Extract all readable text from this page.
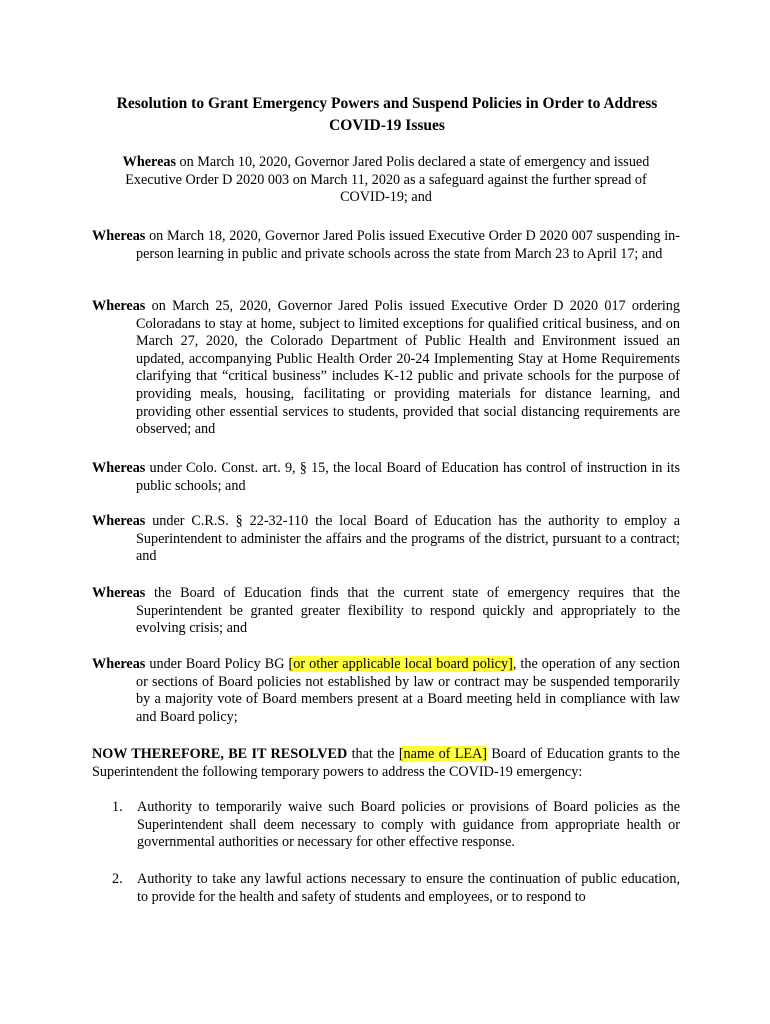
Resolution to Grant Emergency Powers and Suspend Policies in Order to Address COVID-19 Issues
Whereas on March 10, 2020, Governor Jared Polis declared a state of emergency and issued Executive Order D 2020 003 on March 11, 2020 as a safeguard against the further spread of COVID-19; and
Whereas on March 18, 2020, Governor Jared Polis issued Executive Order D 2020 007 suspending in-person learning in public and private schools across the state from March 23 to April 17; and
Whereas on March 25, 2020, Governor Jared Polis issued Executive Order D 2020 017 ordering Coloradans to stay at home, subject to limited exceptions for qualified critical business, and on March 27, 2020, the Colorado Department of Public Health and Environment issued an updated, accompanying Public Health Order 20-24 Implementing Stay at Home Requirements clarifying that “critical business” includes K-12 public and private schools for the purpose of providing meals, housing, facilitating or providing materials for distance learning, and providing other essential services to students, provided that social distancing requirements are observed; and
Whereas under Colo. Const. art. 9, § 15, the local Board of Education has control of instruction in its public schools; and
Whereas under C.R.S. § 22-32-110 the local Board of Education has the authority to employ a Superintendent to administer the affairs and the programs of the district, pursuant to a contract; and
Whereas the Board of Education finds that the current state of emergency requires that the Superintendent be granted greater flexibility to respond quickly and appropriately to the evolving crisis; and
Whereas under Board Policy BG [or other applicable local board policy], the operation of any section or sections of Board policies not established by law or contract may be suspended temporarily by a majority vote of Board members present at a Board meeting held in compliance with law and Board policy;
NOW THEREFORE, BE IT RESOLVED that the [name of LEA] Board of Education grants to the Superintendent the following temporary powers to address the COVID-19 emergency:
1. Authority to temporarily waive such Board policies or provisions of Board policies as the Superintendent shall deem necessary to comply with guidance from appropriate health or governmental authorities or necessary for other effective response.
2. Authority to take any lawful actions necessary to ensure the continuation of public education, to provide for the health and safety of students and employees, or to respond to
